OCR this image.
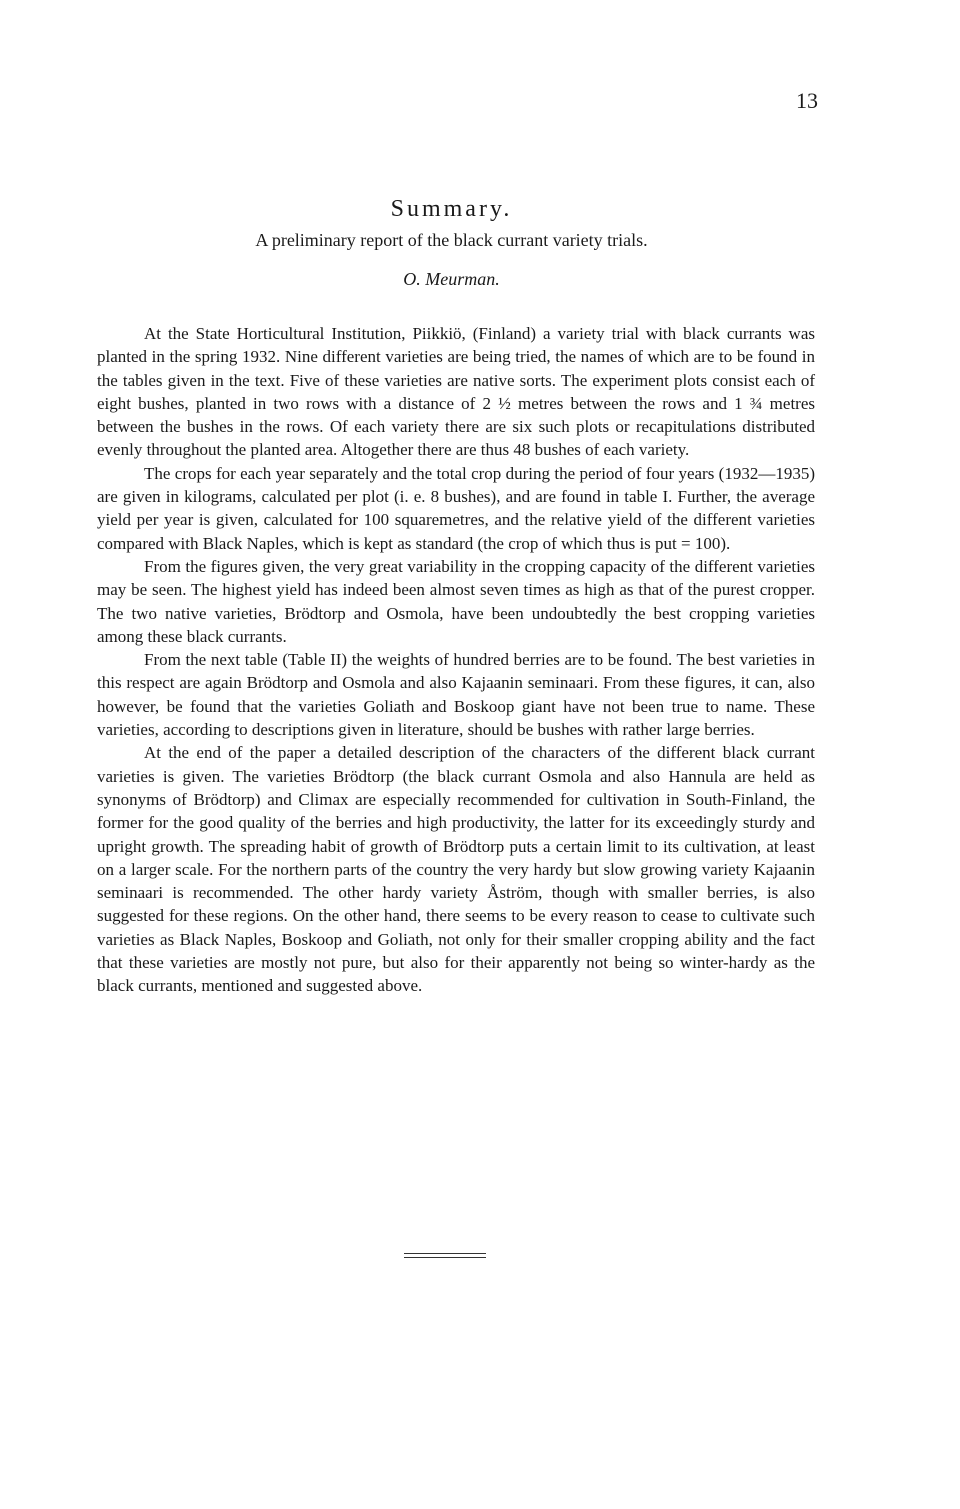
13
Summary.
A preliminary report of the black currant variety trials.
O. Meurman.

At the State Horticultural Institution, Piikkiö, (Finland) a variety trial with black currants was planted in the spring 1932. Nine different varieties are being tried, the names of which are to be found in the tables given in the text. Five of these varieties are native sorts. The experiment plots consist each of eight bushes, planted in two rows with a distance of 2 ½ metres between the rows and 1 ¾ metres between the bushes in the rows. Of each variety there are six such plots or recapitulations distributed evenly throughout the planted area. Altogether there are thus 48 bushes of each variety.

The crops for each year separately and the total crop during the period of four years (1932—1935) are given in kilograms, calculated per plot (i. e. 8 bushes), and are found in table I. Further, the average yield per year is given, calculated for 100 squaremetres, and the relative yield of the different varieties compared with Black Naples, which is kept as standard (the crop of which thus is put = 100).

From the figures given, the very great variability in the cropping capacity of the different varieties may be seen. The highest yield has indeed been almost seven times as high as that of the purest cropper. The two native varieties, Brödtorp and Osmola, have been undoubtedly the best cropping varieties among these black currants.

From the next table (Table II) the weights of hundred berries are to be found. The best varieties in this respect are again Brödtorp and Osmola and also Kajaanin seminaari. From these figures, it can, also however, be found that the varieties Goliath and Boskoop giant have not been true to name. These varieties, according to descriptions given in literature, should be bushes with rather large berries.

At the end of the paper a detailed description of the characters of the different black currant varieties is given. The varieties Brödtorp (the black currant Osmola and also Hannula are held as synonyms of Brödtorp) and Climax are especially recommended for cultivation in South-Finland, the former for the good quality of the berries and high productivity, the latter for its exceedingly sturdy and upright growth. The spreading habit of growth of Brödtorp puts a certain limit to its cultivation, at least on a larger scale. For the northern parts of the country the very hardy but slow growing variety Kajaanin seminaari is recommended. The other hardy variety Åström, though with smaller berries, is also suggested for these regions. On the other hand, there seems to be every reason to cease to cultivate such varieties as Black Naples, Boskoop and Goliath, not only for their smaller cropping ability and the fact that these varieties are mostly not pure, but also for their apparently not being so winter-hardy as the black currants, mentioned and suggested above.
